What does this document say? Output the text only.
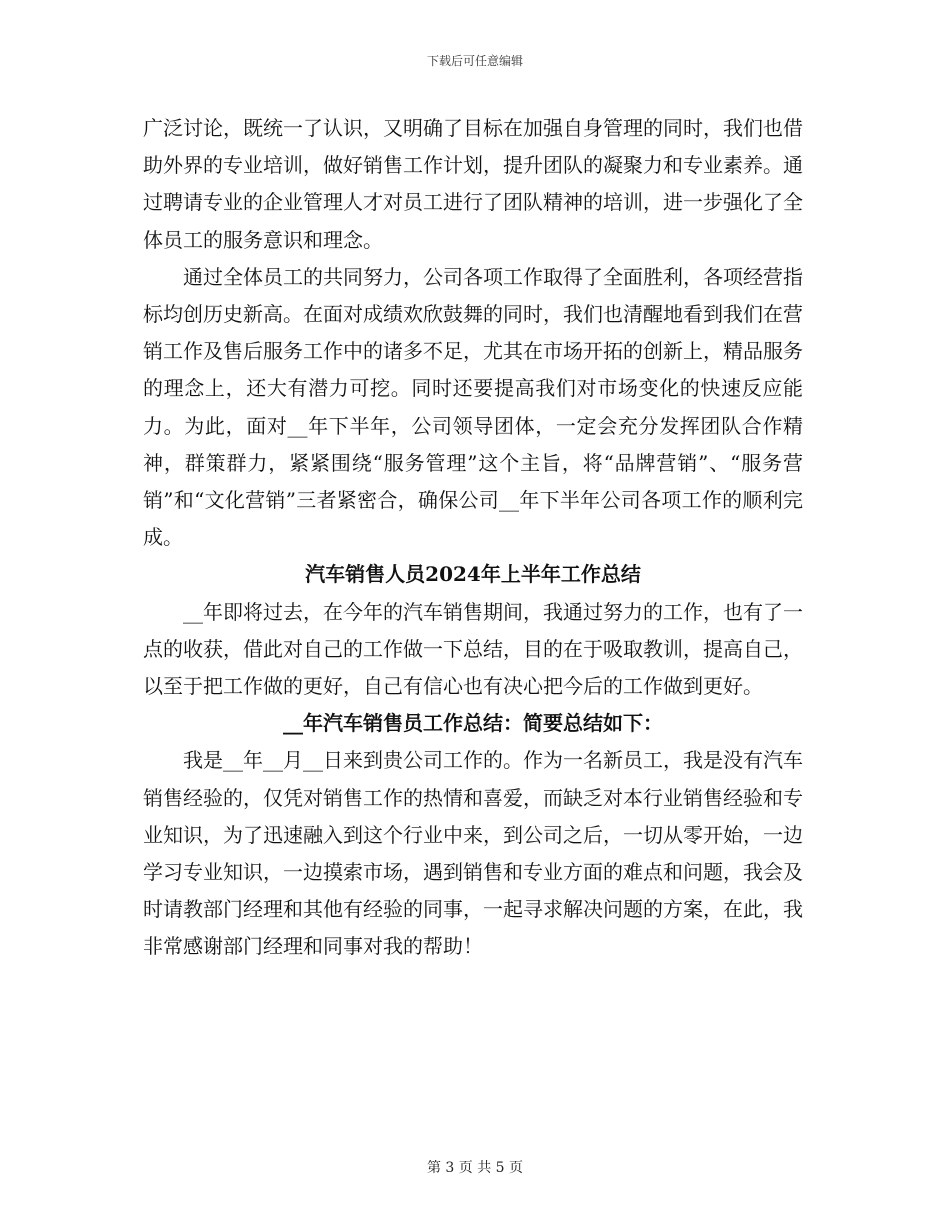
下载后可任意编辑

广泛讨论，既统一了认识，又明确了目标在加强自身管理的同时，我们也借助外界的专业培训，做好销售工作计划，提升团队的凝聚力和专业素养。通过聘请专业的企业管理人才对员工进行了团队精神的培训，进一步强化了全体员工的服务意识和理念。

通过全体员工的共同努力，公司各项工作取得了全面胜利，各项经营指标均创历史新高。在面对成绩欢欣鼓舞的同时，我们也清醒地看到我们在营销工作及售后服务工作中的诸多不足，尤其在市场开拓的创新上，精品服务的理念上，还大有潜力可挖。同时还要提高我们对市场变化的快速反应能力。为此，面对__年下半年，公司领导团体，一定会充分发挥团队合作精神，群策群力，紧紧围绕“服务管理”这个主旨，将“品牌营销”、“服务营销”和“文化营销”三者紧密合，确保公司__年下半年公司各项工作的顺利完成。

汽车销售人员2024年上半年工作总结

__年即将过去，在今年的汽车销售期间，我通过努力的工作，也有了一点的收获，借此对自己的工作做一下总结，目的在于吸取教训，提高自己，以至于把工作做的更好，自己有信心也有决心把今后的工作做到更好。

__年汽车销售员工作总结：简要总结如下：

我是__年__月__日来到贵公司工作的。作为一名新员工，我是没有汽车销售经验的，仅凭对销售工作的热情和喜爱，而缺乏对本行业销售经验和专业知识，为了迅速融入到这个行业中来，到公司之后，一切从零开始，一边学习专业知识，一边摸索市场，遇到销售和专业方面的难点和问题，我会及时请教部门经理和其他有经验的同事，一起寻求解决问题的方案，在此，我非常感谢部门经理和同事对我的帮助！

第 3 页 共 5 页
